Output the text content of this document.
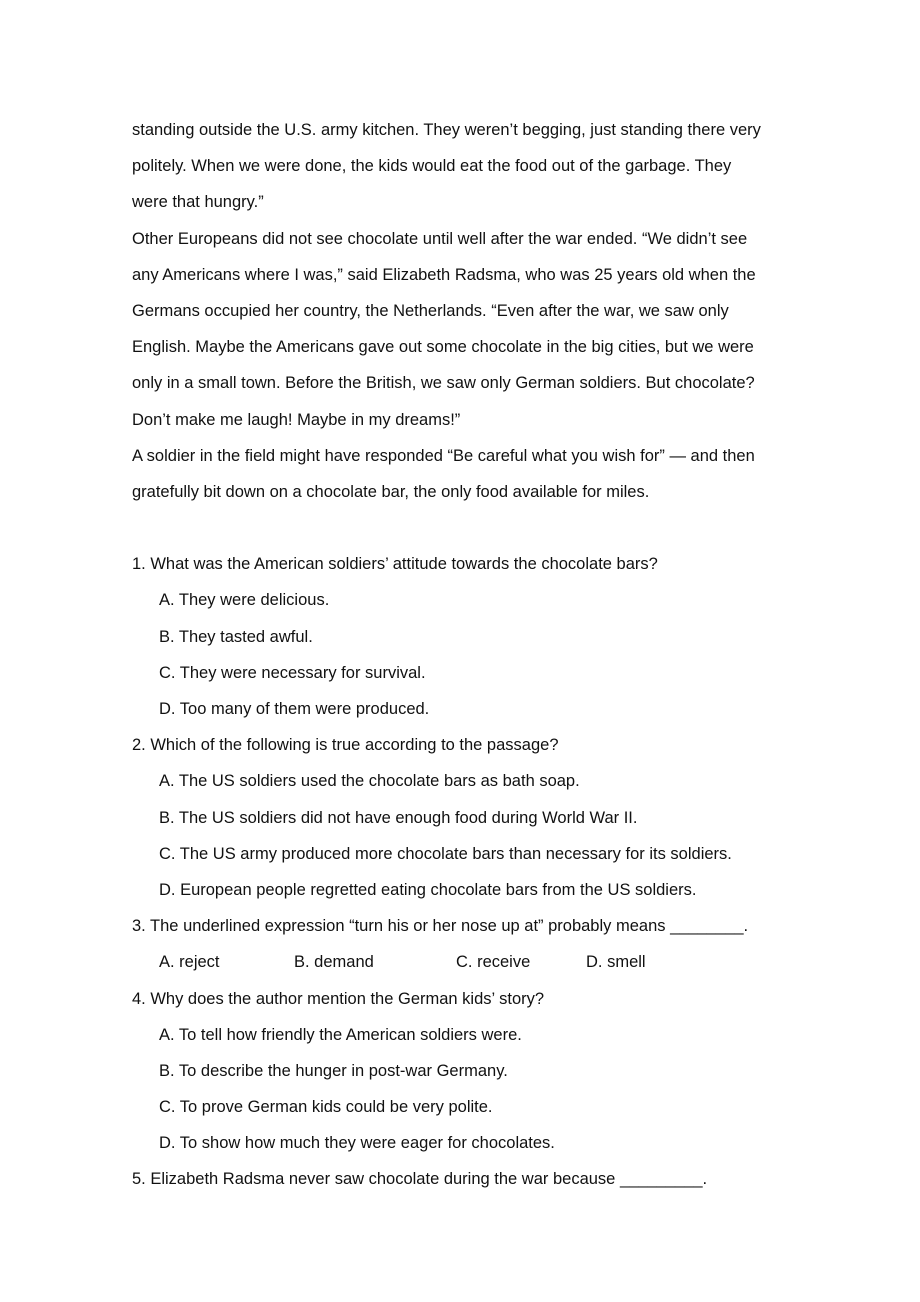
standing outside the U.S. army kitchen. They weren’t begging, just standing there very
politely. When we were done, the kids would eat the food out of the garbage. They
were that hungry.”
Other Europeans did not see chocolate until well after the war ended. “We didn’t see
any Americans where I was,” said Elizabeth Radsma, who was 25 years old when the
Germans occupied her country, the Netherlands. “Even after the war, we saw only
English. Maybe the Americans gave out some chocolate in the big cities, but we were
only in a small town. Before the British, we saw only German soldiers. But chocolate?
Don’t make me laugh! Maybe in my dreams!”
A soldier in the field might have responded “Be careful what you wish for” — and then
gratefully bit down on a chocolate bar, the only food available for miles.
1. What was the American soldiers’ attitude towards the chocolate bars?
A. They were delicious.
B. They tasted awful.
C. They were necessary for survival.
D. Too many of them were produced.
2. Which of the following is true according to the passage?
A. The US soldiers used the chocolate bars as bath soap.
B. The US soldiers did not have enough food during World War II.
C. The US army produced more chocolate bars than necessary for its soldiers.
D. European people regretted eating chocolate bars from the US soldiers.
3. The underlined expression “turn his or her nose up at” probably means ________.
A. reject	B. demand	C. receive	D. smell
4. Why does the author mention the German kids’ story?
A. To tell how friendly the American soldiers were.
B. To describe the hunger in post-war Germany.
C. To prove German kids could be very polite.
D. To show how much they were eager for chocolates.
5. Elizabeth Radsma never saw chocolate during the war because _________.
